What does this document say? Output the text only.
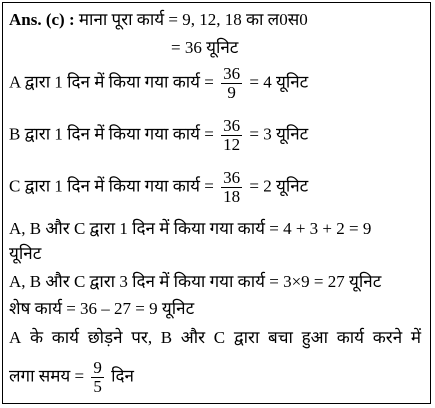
Ans. (c) : माना पूरा कार्य = 9, 12, 18 का ल0स0
= 36 यूनिट
A द्वारा 1 दिन में किया गया कार्य = $\frac{36}{9} = 4$ यूनिट
B द्वारा 1 दिन में किया गया कार्य = $\frac{36}{12} = 3$ यूनिट
C द्वारा 1 दिन में किया गया कार्य = $\frac{36}{18} = 2$ यूनिट
A, B और C द्वारा 1 दिन में किया गया कार्य = 4 + 3 + 2 = 9
यूनिट
A, B और C द्वारा 3 दिन में किया गया कार्य = 3×9 = 27 यूनिट
शेष कार्य = 36 – 27 = 9 यूनिट
A के कार्य छोड़ने पर, B और C द्वारा बचा हुआ कार्य करने में
लगा समय = $\frac{9}{5}$ दिन
